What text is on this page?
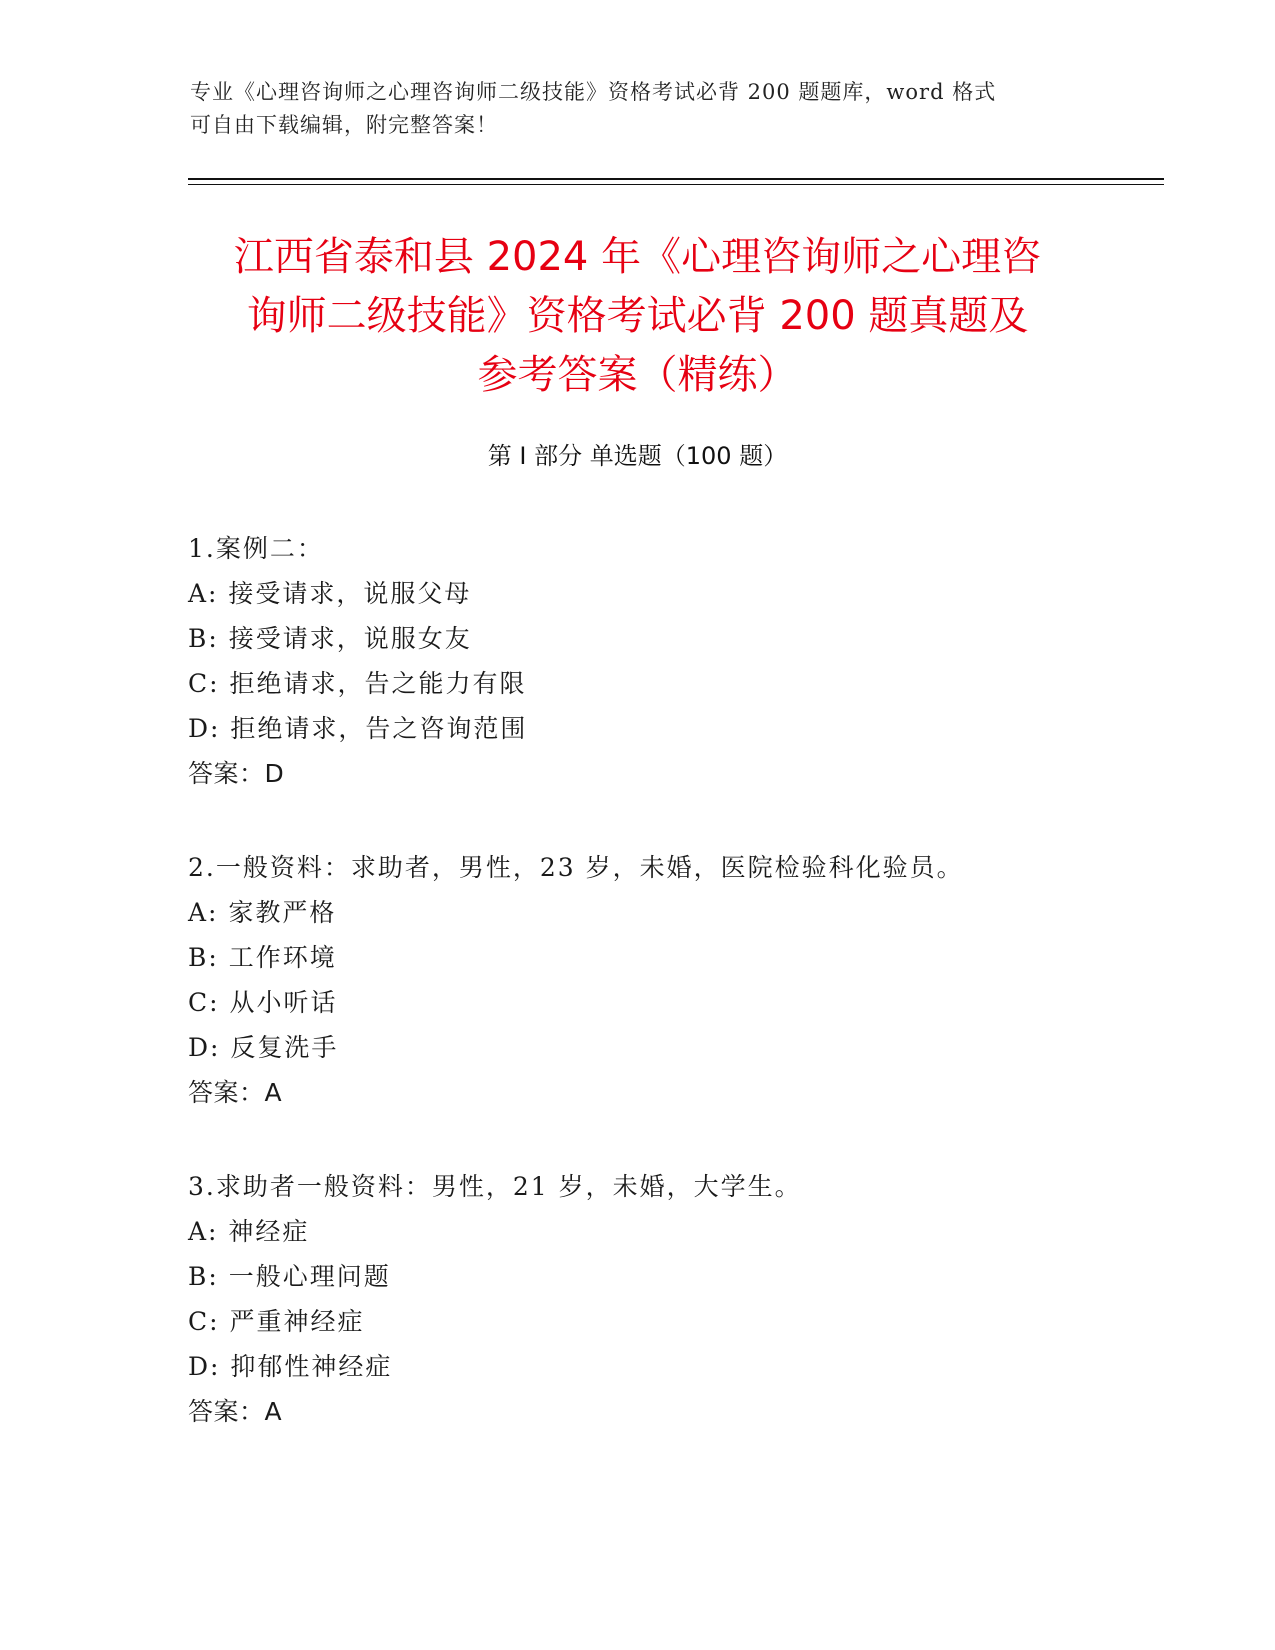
专业《心理咨询师之心理咨询师二级技能》资格考试必背 200 题题库，word 格式
可自由下载编辑，附完整答案！
江西省泰和县 2024 年《心理咨询师之心理咨
询师二级技能》资格考试必背 200 题真题及
参考答案（精练）
第 I 部分 单选题（100 题）
1.案例二：
A: 接受请求，说服父母
B: 接受请求，说服女友
C: 拒绝请求，告之能力有限
D: 拒绝请求，告之咨询范围
答案：D
2.一般资料：求助者，男性，23 岁，未婚，医院检验科化验员。
A: 家教严格
B: 工作环境
C: 从小听话
D: 反复洗手
答案：A
3.求助者一般资料：男性，21 岁，未婚，大学生。
A: 神经症
B: 一般心理问题
C: 严重神经症
D: 抑郁性神经症
答案：A
